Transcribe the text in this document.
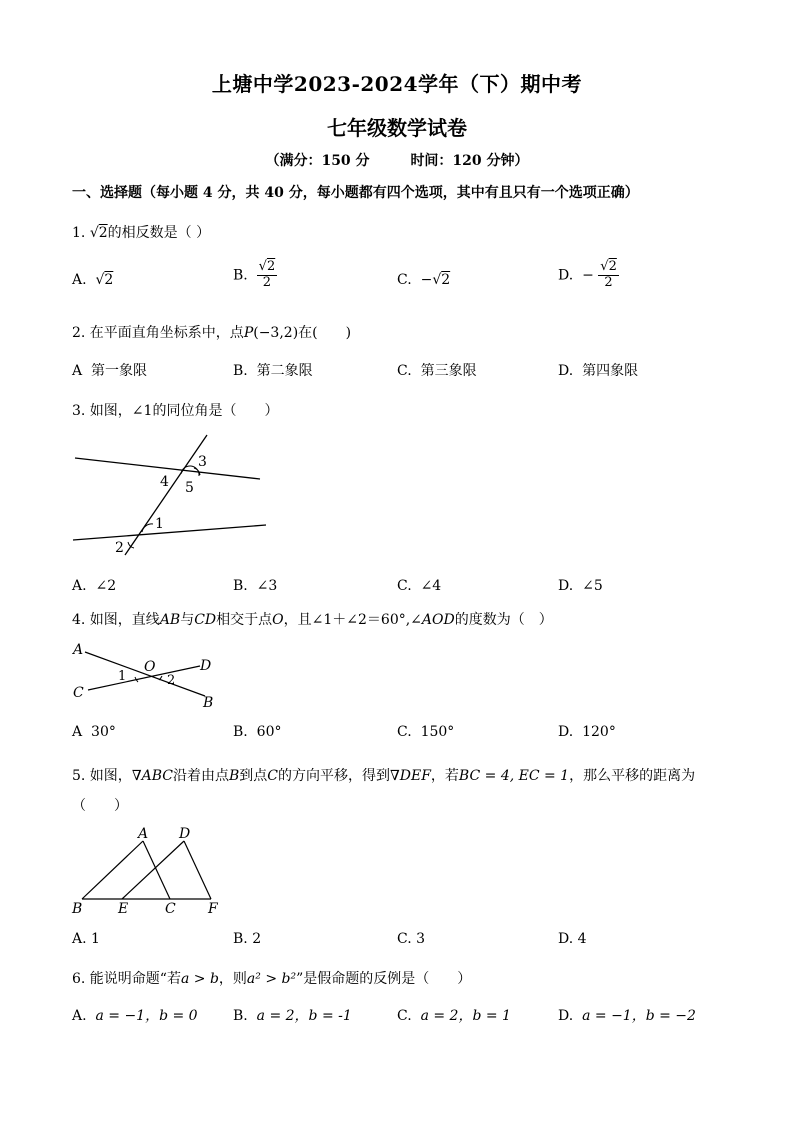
上塘中学2023-2024学年（下）期中考
七年级数学试卷
（满分：150 分	时间：120 分钟）
一、选择题（每小题 4 分，共 40 分，每小题都有四个选项，其中有且只有一个选项正确）
1. √2的相反数是（ ）
A.  √2	B. $\frac{√2}{2}$	C. −√2	D. − $\frac{√2}{2}$
2. 在平面直角坐标系中，点P(−3,2)在(　　)
A 第一象限	B. 第二象限	C. 第三象限	D. 第四象限
3. 如图，∠1的同位角是（　　）
3
4 5
1
2
A. ∠2	B. ∠3	C. ∠4	D. ∠5
4. 如图，直线AB与CD相交于点O，且∠1＋∠2＝60°,∠AOD的度数为（　）
A
O	D
C
1	2
B
A 30°	B. 60°	C. 150°	D. 120°
5. 如图，∇ABC沿着由点B到点C的方向平移，得到∇DEF，若BC = 4, EC = 1，那么平移的距离为
（　　）
A D
B	E	C F
A. 1	B. 2	C. 3	D. 4
6. 能说明命题“若a > b，则a² > b²”是假命题的反例是（　　）
A. a = −1，b = 0	B. a = 2，b = -1	C. a = 2，b = 1	D. a = −1，b = −2
